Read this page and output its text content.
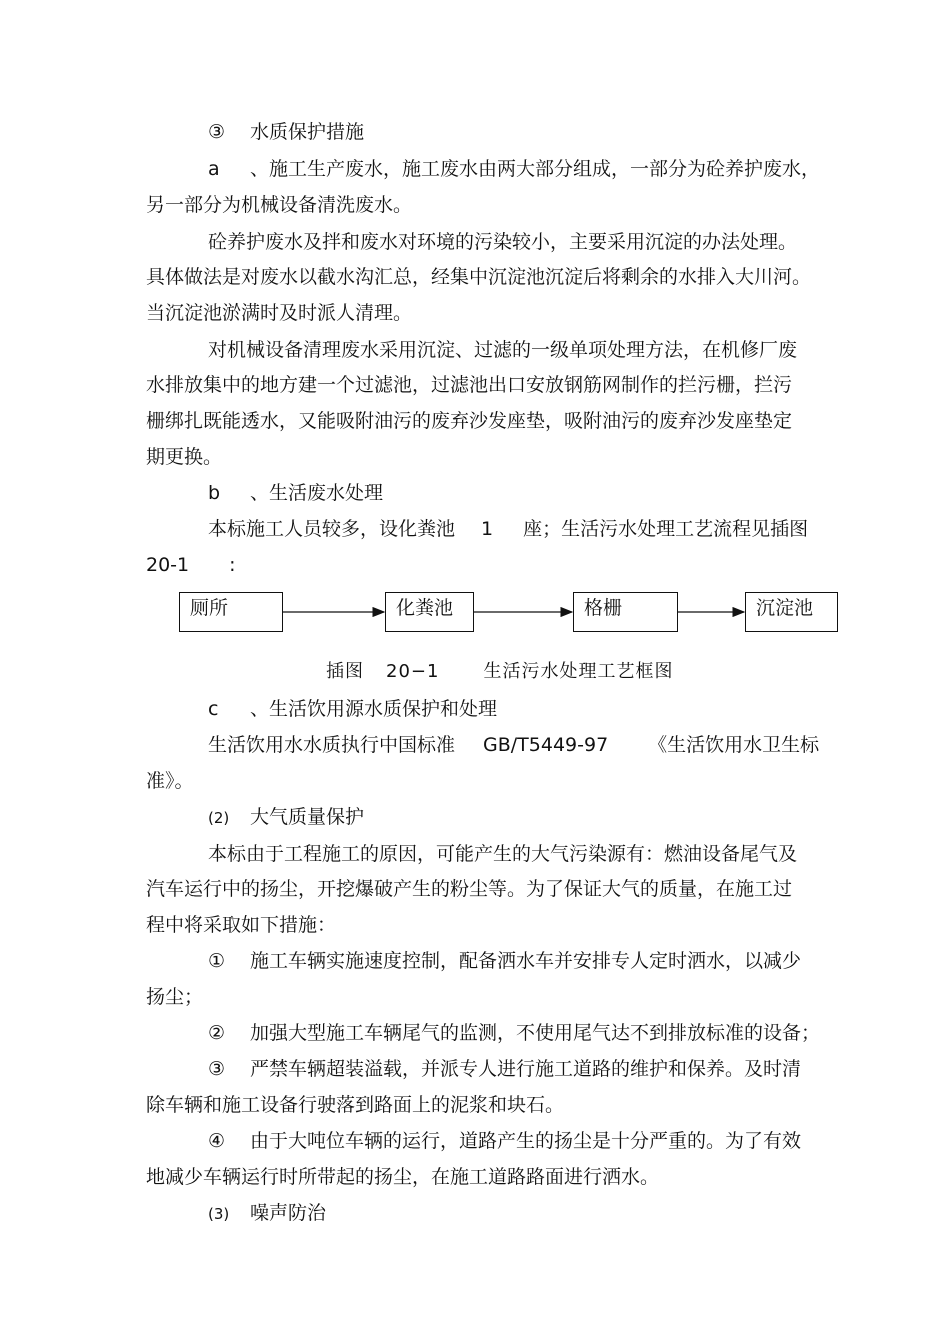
③ 水质保护措施
a 、施工生产废水，施工废水由两大部分组成，一部分为砼养护废水，
另一部分为机械设备清洗废水。
砼养护废水及拌和废水对环境的污染较小，主要采用沉淀的办法处理。
具体做法是对废水以截水沟汇总，经集中沉淀池沉淀后将剩余的水排入大川河。
当沉淀池淤满时及时派人清理。
对机械设备清理废水采用沉淀、过滤的一级单项处理方法，在机修厂废
水排放集中的地方建一个过滤池，过滤池出口安放钢筋网制作的拦污栅，拦污
栅绑扎既能透水，又能吸附油污的废弃沙发座垫，吸附油污的废弃沙发座垫定
期更换。
b 、生活废水处理
本标施工人员较多，设化粪池 1 座；生活污水处理工艺流程见插图
20-1 :
厕所	化粪池	格栅	沉淀池
插图 20−1 生活污水处理工艺框图
c 、生活饮用源水质保护和处理
生活饮用水水质执行中国标准 GB/T5449-97 《生活饮用水卫生标
准》。
(2) 大气质量保护
本标由于工程施工的原因，可能产生的大气污染源有：燃油设备尾气及
汽车运行中的扬尘，开挖爆破产生的粉尘等。为了保证大气的质量，在施工过
程中将采取如下措施：
① 施工车辆实施速度控制，配备洒水车并安排专人定时洒水，以减少
扬尘；
② 加强大型施工车辆尾气的监测，不使用尾气达不到排放标准的设备；
③ 严禁车辆超装溢载，并派专人进行施工道路的维护和保养。及时清
除车辆和施工设备行驶落到路面上的泥浆和块石。
④ 由于大吨位车辆的运行，道路产生的扬尘是十分严重的。为了有效
地减少车辆运行时所带起的扬尘，在施工道路路面进行洒水。
(3) 噪声防治
